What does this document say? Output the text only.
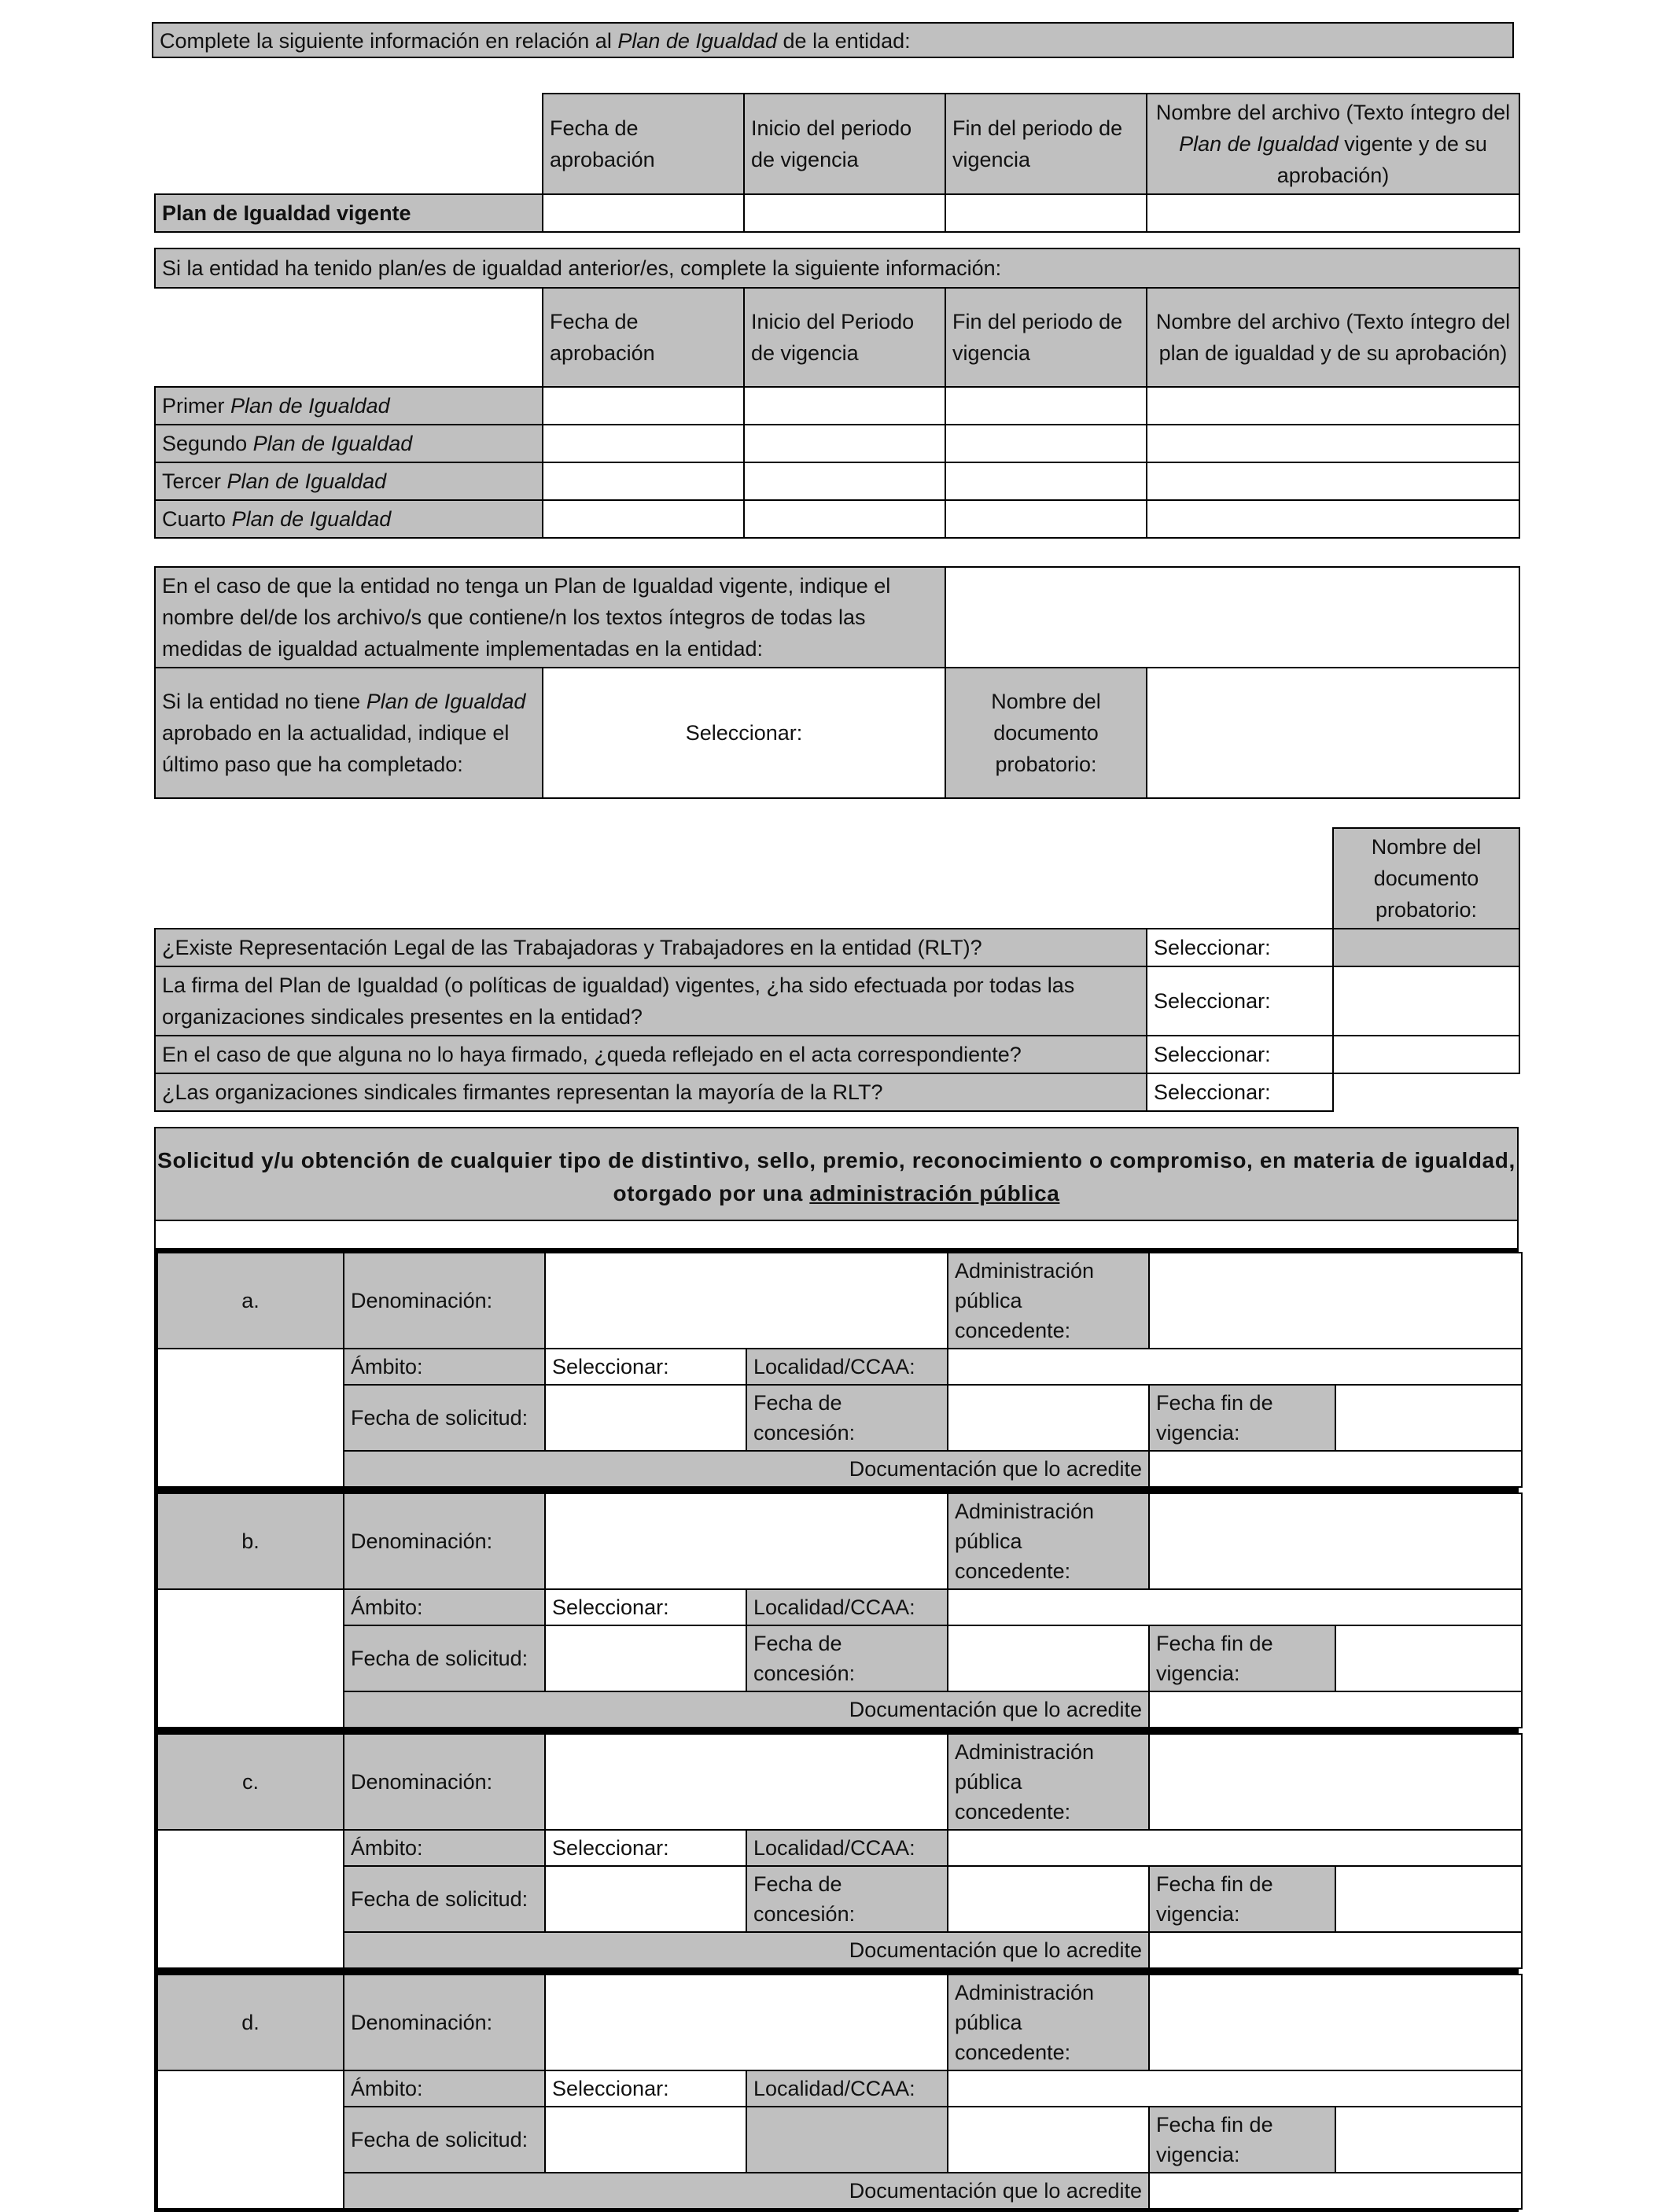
Complete la siguiente información en relación al Plan de Igualdad de la entidad:
	Fecha de aprobación	Inicio del periodo de vigencia	Fin del periodo de vigencia	Nombre del archivo (Texto íntegro del Plan de Igualdad vigente y de su aprobación)
Plan de Igualdad vigente				
Si la entidad ha tenido plan/es de igualdad anterior/es, complete la siguiente información:				
	Fecha de aprobación	Inicio del Periodo de vigencia	Fin del periodo de vigencia	Nombre del archivo (Texto íntegro del plan de igualdad y de su aprobación)
Primer Plan de Igualdad				
Segundo Plan de Igualdad				
Tercer Plan de Igualdad				
Cuarto Plan de Igualdad				
En el caso de que la entidad no tenga un Plan de Igualdad vigente, indique el nombre del/de los archivo/s que contiene/n los textos íntegros de todas las medidas de igualdad actualmente implementadas en la entidad:			
Si la entidad no tiene Plan de Igualdad aprobado en la actualidad, indique el último paso que ha completado:	Seleccionar:	Nombre del documento probatorio:	
		Nombre del documento probatorio:
¿Existe Representación Legal de las Trabajadoras y Trabajadores en la entidad (RLT)?	Seleccionar:	
La firma del Plan de Igualdad (o políticas de igualdad) vigentes, ¿ha sido efectuada por todas las organizaciones sindicales presentes en la entidad?	Seleccionar:	
En el caso de que alguna no lo haya firmado, ¿queda reflejado en el acta correspondiente?	Seleccionar:	
¿Las organizaciones sindicales firmantes representan la mayoría de la RLT?	Seleccionar:	
Solicitud y/u obtención de cualquier tipo de distintivo, sello, premio, reconocimiento o compromiso, en materia de igualdad, otorgado por una administración pública
a.	Denominación:			Administración pública concedente:		
	Ámbito:	Seleccionar:	Localidad/CCAA:			
	Fecha de solicitud:		Fecha de concesión:		Fecha fin de vigencia:	
	Documentación que lo acredite					
b.	Denominación:			Administración pública concedente:		
	Ámbito:	Seleccionar:	Localidad/CCAA:			
	Fecha de solicitud:		Fecha de concesión:		Fecha fin de vigencia:	
	Documentación que lo acredite					
c.	Denominación:			Administración pública concedente:		
	Ámbito:	Seleccionar:	Localidad/CCAA:			
	Fecha de solicitud:		Fecha de concesión:		Fecha fin de vigencia:	
	Documentación que lo acredite					
d.	Denominación:			Administración pública concedente:		
	Ámbito:	Seleccionar:	Localidad/CCAA:			
	Fecha de solicitud:				Fecha fin de vigencia:	
	Documentación que lo acredite					
